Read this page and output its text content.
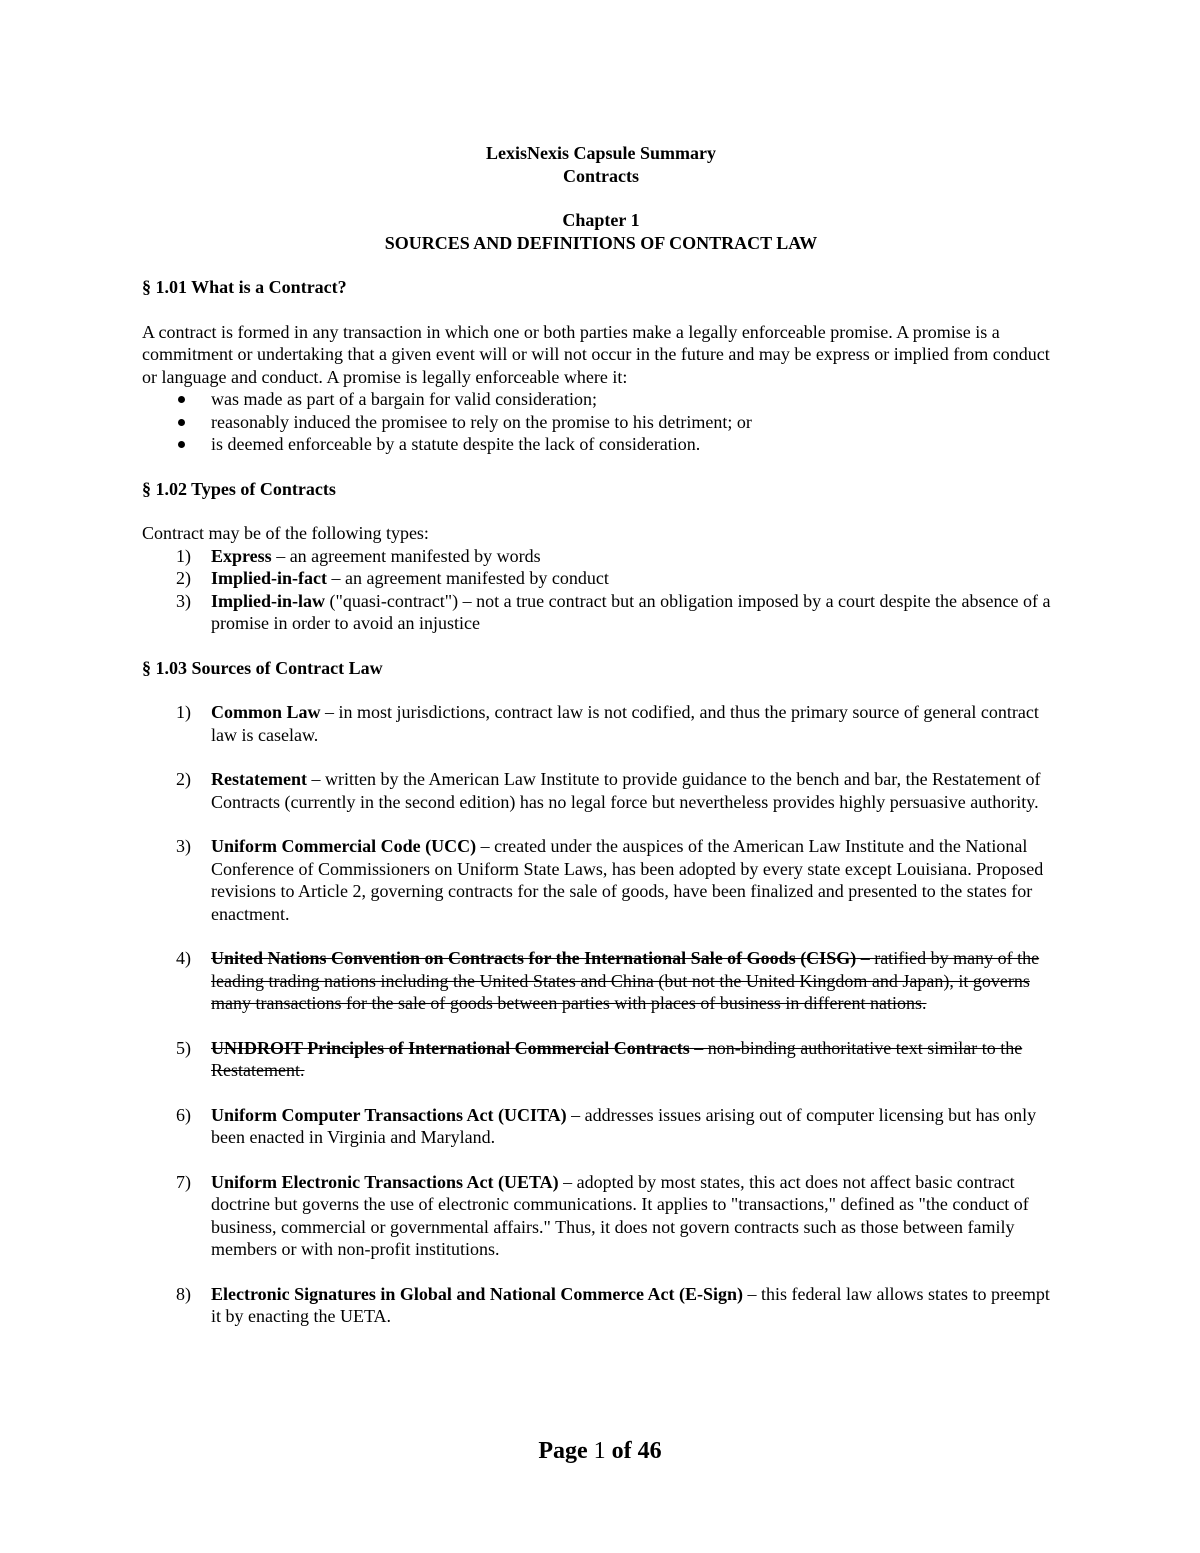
LexisNexis Capsule Summary
Contracts
Chapter 1
SOURCES AND DEFINITIONS OF CONTRACT LAW
§ 1.01 What is a Contract?
A contract is formed in any transaction in which one or both parties make a legally enforceable promise. A promise is a commitment or undertaking that a given event will or will not occur in the future and may be express or implied from conduct or language and conduct. A promise is legally enforceable where it:
was made as part of a bargain for valid consideration;
reasonably induced the promisee to rely on the promise to his detriment; or
is deemed enforceable by a statute despite the lack of consideration.
§ 1.02 Types of Contracts
Contract may be of the following types:
1) Express – an agreement manifested by words
2) Implied-in-fact – an agreement manifested by conduct
3) Implied-in-law ("quasi-contract") – not a true contract but an obligation imposed by a court despite the absence of a promise in order to avoid an injustice
§ 1.03 Sources of Contract Law
1) Common Law – in most jurisdictions, contract law is not codified, and thus the primary source of general contract law is caselaw.
2) Restatement – written by the American Law Institute to provide guidance to the bench and bar, the Restatement of Contracts (currently in the second edition) has no legal force but nevertheless provides highly persuasive authority.
3) Uniform Commercial Code (UCC) – created under the auspices of the American Law Institute and the National Conference of Commissioners on Uniform State Laws, has been adopted by every state except Louisiana. Proposed revisions to Article 2, governing contracts for the sale of goods, have been finalized and presented to the states for enactment.
4) United Nations Convention on Contracts for the International Sale of Goods (CISG) – ratified by many of the leading trading nations including the United States and China (but not the United Kingdom and Japan), it governs many transactions for the sale of goods between parties with places of business in different nations.
5) UNIDROIT Principles of International Commercial Contracts – non-binding authoritative text similar to the Restatement.
6) Uniform Computer Transactions Act (UCITA) – addresses issues arising out of computer licensing but has only been enacted in Virginia and Maryland.
7) Uniform Electronic Transactions Act (UETA) – adopted by most states, this act does not affect basic contract doctrine but governs the use of electronic communications. It applies to "transactions," defined as "the conduct of business, commercial or governmental affairs." Thus, it does not govern contracts such as those between family members or with non-profit institutions.
8) Electronic Signatures in Global and National Commerce Act (E-Sign) – this federal law allows states to preempt it by enacting the UETA.
Page 1 of 46
